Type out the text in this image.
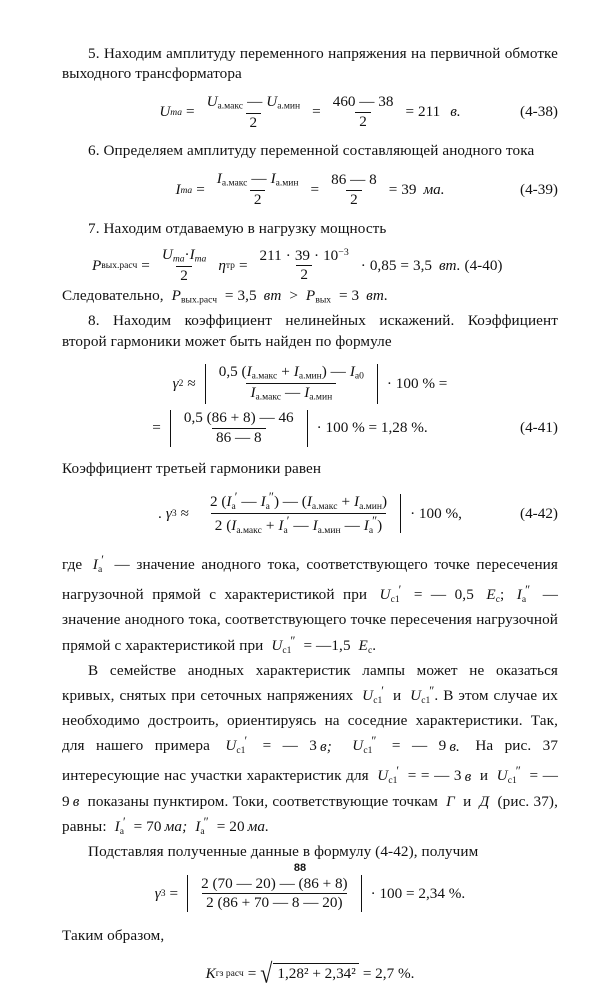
5. Находим амплитуду переменного напряжения на первичной обмотке выходного трансформатора

U mа = $\frac{U_{а.макс} — U_{а.мин}}{2} = \frac{460 — 38}{2} = 211$ в.	(4-38)

6. Определяем амплитуду переменной составляющей анодного тока

I mа = $\frac{I_{а.макс} — I_{а.мин}}{2} = \frac{86 — 8}{2} = 39$ ма.	(4-39)

7. Находим отдаваемую в нагрузку мощность

P вых.расч = $\frac{U_{mа}\cdot I_{mа}}{2}$ η тр = $\frac{211 \cdot 39 \cdot 10^{-3}}{2} \cdot 0,85 = 3,5$ вт. (4-40)

Следовательно, $P_{вых.расч} = 3,5$ вт > $P_{вых} = 3$ вт.

8. Находим коэффициент нелинейных искажений. Коэффициент второй гармоники может быть найден по формуле

γ $2 \approx \frac{0,5 (I_{а.макс} + I_{а.мин}) — I_{а0}}{I_{а.макс} — I_{а.мин}} \cdot 100$ % =
= $\frac{0,5 (86 + 8) — 46}{86 — 8} \cdot 100$ % = 1,28 %.	(4-41)

Коэффициент третьей гармоники равен

. γ $3 \approx \frac{2 (I_а' — I_а'') — (I_{а.макс} + I_{а.мин})}{2 (I_{а.макс} + I_а' — I_{а.мин} — I_а'')} \cdot 100$ %,	(4-42)

где $I_а'$ — значение анодного тока, соответствующего точке пересечения нагрузочной прямой с характеристикой при $U_{с1}'$ = — 0,5 $E_с$; $I_а''$ — значение анодного тока, соответствующего точке пересечения нагрузочной прямой с характеристикой при $U_{с1}''$ = —1,5 $E_с$.

В семействе анодных характеристик лампы может не оказаться кривых, снятых при сеточных напряжениях $U_{с1}'$ и $U_{с1}''$. В этом случае их необходимо достроить, ориентируясь на соседние характеристики. Так, для нашего примера $U_{с1}'$ = — 3 в; $U_{с1}''$ = — 9 в. На рис. 37 интересующие нас участки характеристик для $U_{с1}'$ = = — 3 в и $U_{с1}''$ = — 9 в показаны пунктиром. Токи, соответствующие точкам Г и Д (рис. 37), равны: $I_а' = 70$ ма; $I_а'' = 20$ ма.

Подставляя полученные данные в формулу (4-42), получим

γ $3 = \frac{2 (70 — 20) — (86 + 8)}{2 (86 + 70 — 8 — 20)} \cdot 100 = 2,34$ %.

Таким образом,

K гз расч = √ 1,28² + 2,34² = 2,7 %.
88
